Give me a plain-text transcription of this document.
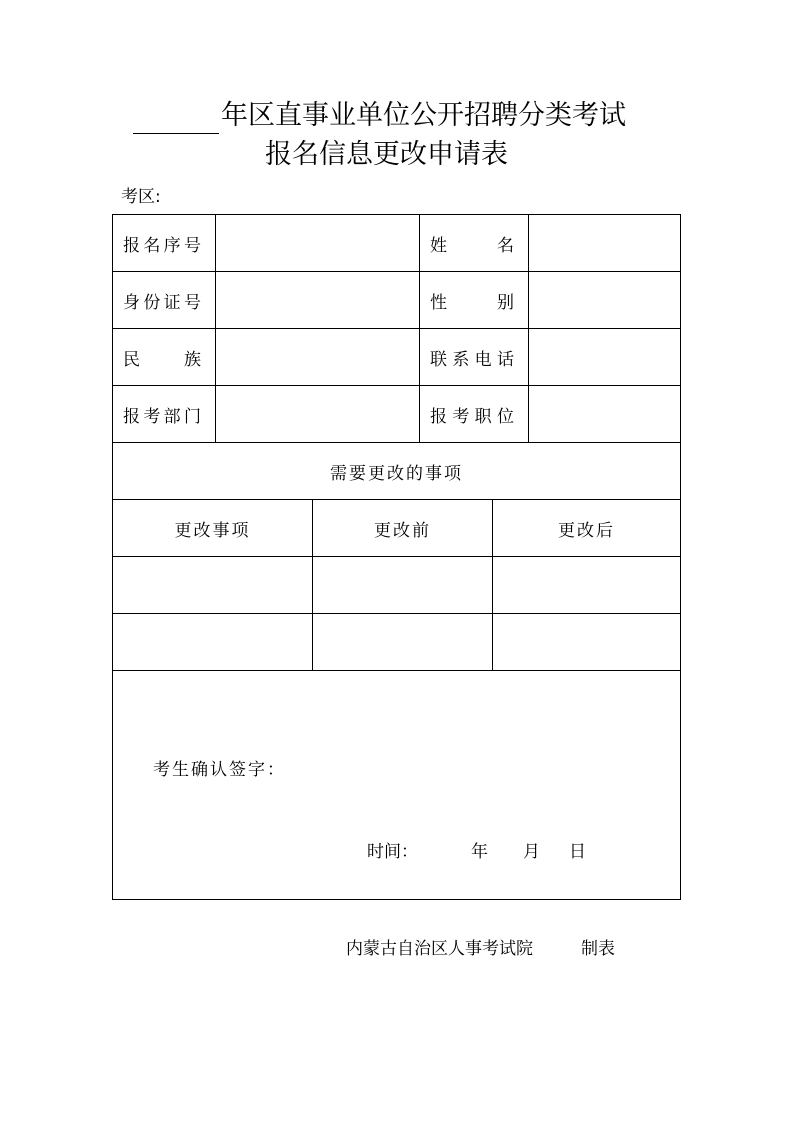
年区直事业单位公开招聘分类考试
报名信息更改申请表
考区:
报名序号			姓　名		
身份证号			性　别		
民　族			联系电话		
报考部门			报考职位		
需要更改的事项					
更改事项		更改前		更改后	

考生确认签字：
时间： 年 月 日					
内蒙古自治区人事考试院	制表
